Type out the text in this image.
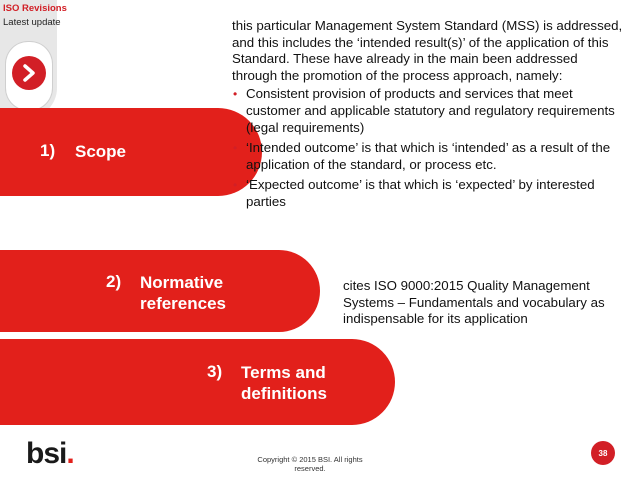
ISO Revisions
Latest update
1) Scope
2) Normative
references
3) Terms and
definitions

this particular Management System Standard (MSS) is addressed, and this includes the ‘intended result(s)’ of the application of this Standard. These have already in the main been addressed through the promotion of the process approach, namely:

• Consistent provision of products and services that meet customer and applicable statutory and regulatory requirements (legal requirements)
• ‘Intended outcome’ is that which is ‘intended’ as a result of the application of the standard, or process etc.
• ‘Expected outcome’ is that which is ‘expected’ by interested parties
cites ISO 9000:2015 Quality Management Systems – Fundamentals and vocabulary as indispensable for its application
bsi.	Copyright © 2015 BSI. All rights
reserved.
38
